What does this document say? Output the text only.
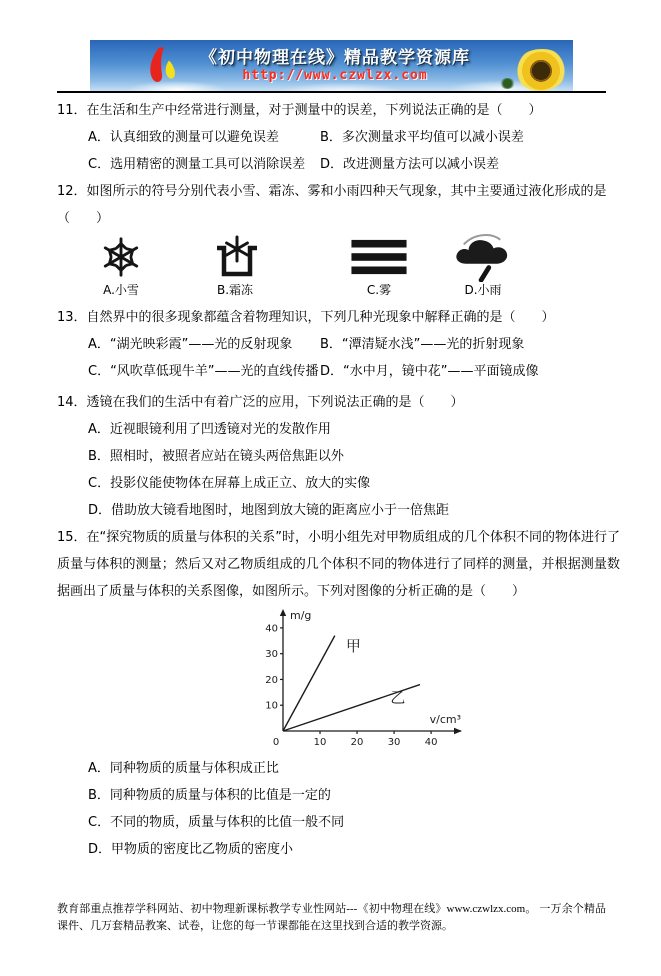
《初中物理在线》精品教学资源库
http://www.czwlzx.com
11．在生活和生产中经常进行测量，对于测量中的误差，下列说法正确的是（　　）
A．认真细致的测量可以避免误差	B．多次测量求平均值可以减小误差
C．选用精密的测量工具可以消除误差	D．改进测量方法可以减小误差
12．如图所示的符号分别代表小雪、霜冻、雾和小雨四种天气现象，其中主要通过液化形成的是
（　　）
A.小雪	B.霜冻	C.雾	D.小雨
13．自然界中的很多现象都蕴含着物理知识，下列几种光现象中解释正确的是（　　）
A．“湖光映彩霞”——光的反射现象	B．“潭清疑水浅”——光的折射现象
C．“风吹草低现牛羊”——光的直线传播 D．“水中月，镜中花”——平面镜成像
14．透镜在我们的生活中有着广泛的应用，下列说法正确的是（　　）
A．近视眼镜利用了凹透镜对光的发散作用
B．照相时，被照者应站在镜头两倍焦距以外
C．投影仪能使物体在屏幕上成正立、放大的实像
D．借助放大镜看地图时，地图到放大镜的距离应小于一倍焦距
15．在“探究物质的质量与体积的关系”时，小明小组先对甲物质组成的几个体积不同的物体进行了质量与体积的测量；然后又对乙物质组成的几个体积不同的物体进行了同样的测量，并根据测量数据画出了质量与体积的关系图像，如图所示。下列对图像的分析正确的是（　　）
10 20 30 40
10
20
30
40
0
m/g
v/cm³
甲
乙
A．同种物质的质量与体积成正比
B．同种物质的质量与体积的比值是一定的
C．不同的物质，质量与体积的比值一般不同
D．甲物质的密度比乙物质的密度小
教育部重点推荐学科网站、初中物理新课标教学专业性网站---《初中物理在线》www.czwlzx.com。 一万余个精品课件、几万套精品教案、试卷，让您的每一节课都能在这里找到合适的教学资源。
